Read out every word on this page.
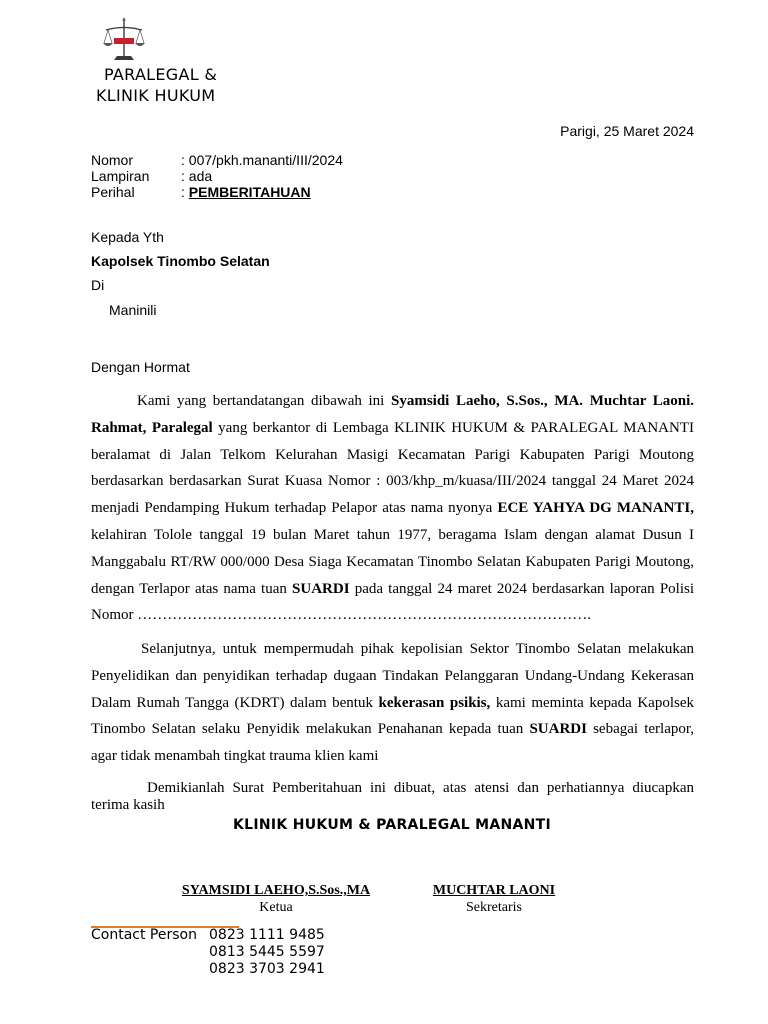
PARALEGAL &
KLINIK HUKUM
Parigi, 25 Maret 2024
Nomor	: 007/pkh.mananti/III/2024
Lampiran : ada
Perihal	: PEMBERITAHUAN
Kepada Yth
Kapolsek Tinombo Selatan
Di
Maninili
Dengan Hormat
Kami yang bertandatangan dibawah ini Syamsidi Laeho, S.Sos., MA. Muchtar Laoni. Rahmat, Paralegal yang berkantor di Lembaga KLINIK HUKUM & PARALEGAL MANANTI beralamat di Jalan Telkom Kelurahan Masigi Kecamatan Parigi Kabupaten Parigi Moutong berdasarkan berdasarkan Surat Kuasa Nomor : 003/khp_m/kuasa/III/2024 tanggal 24 Maret 2024 menjadi Pendamping Hukum terhadap Pelapor atas nama nyonya ECE YAHYA DG MANANTI, kelahiran Tolole tanggal 19 bulan Maret tahun 1977, beragama Islam dengan alamat Dusun I Manggabalu RT/RW 000/000 Desa Siaga Kecamatan Tinombo Selatan Kabupaten Parigi Moutong, dengan Terlapor atas nama tuan SUARDI pada tanggal 24 maret 2024 berdasarkan laporan Polisi Nomor ……………………………………………………………………………….
Selanjutnya, untuk mempermudah pihak kepolisian Sektor Tinombo Selatan melakukan Penyelidikan dan penyidikan terhadap dugaan Tindakan Pelanggaran Undang-Undang Kekerasan Dalam Rumah Tangga (KDRT) dalam bentuk kekerasan psikis, kami meminta kepada Kapolsek Tinombo Selatan selaku Penyidik melakukan Penahanan kepada tuan SUARDI sebagai terlapor, agar tidak menambah tingkat trauma klien kami
Demikianlah Surat Pemberitahuan ini dibuat, atas atensi dan perhatiannya diucapkan terima kasih
KLINIK HUKUM & PARALEGAL MANANTI
SYAMSIDI LAEHO,S.Sos.,MA
Ketua
MUCHTAR LAONI
Sekretaris
Contact Person 0823 1111 9485
0813 5445 5597
0823 3703 2941
